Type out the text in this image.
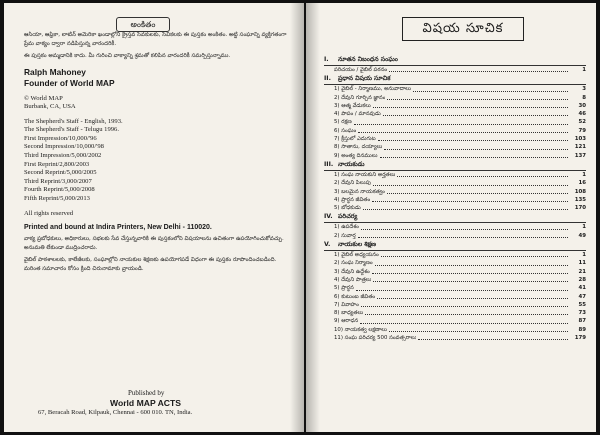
అంకితం

ఆసియా, ఆఫ్రికా, లాటిన్ అమెరికా ఖండాల్లోని క్రైస్తవ సేవకులకు, సేవికలకు ఈ పుస్తకం అంకితం. అట్టి సంఘాన్ని వ్యక్తిగతంగా ప్రేమ వాక్యం ద్వారా నడిపిస్తున్న వారందరికీ.

ఈ పుస్తకం అమ్మడానికి కాదు. మీ గురించి వాక్యాన్ని శ్రమతో కలిపిన వారందరికీ సమర్పిస్తున్నాము.

Ralph Mahoney
Founder of World MAP
© World MAP
Burbank, CA, USA
The Shepherd's Staff - English, 1993.
The Shepherd's Staff - Telugu 1996.
First Impression/10,000/'96
Second Impression/10,000/'98
Third Impression/5,000/2002
First Reprint/2,800/2003
Second Reprint/5,000/2005
Third Reprint/3,000/2007
Fourth Reprint/5,000/2008
Fifth Reprint/5,000/2013
All rights reserved
Printed and bound at Indira Printers, New Delhi - 110020.

వాక్య ప్రబోధకులు, అధికారులు, సభలకు సేవ చేస్తున్నవారికి ఈ పుస్తకంలోని విషయాలను ఉచితంగా ఉపయోగించుకోవచ్చు. అనుమతి లేకుండా ముద్రించరాదు.

వైబిల్ పాఠశాలలకు, కాలేజీలకు, సంఘాల్లోని నాయకుల శిక్షణకు ఉపయోగపడే విధంగా ఈ పుస్తకం రూపొందించబడింది. మరింత సమాచారం కోసం క్రింది చిరునామాకు వ్రాయండి.

Published by
World MAP ACTS
67, Beracah Road, Kilpauk, Chennai - 600 010. TN, India.
విషయ సూచిక
I.	నూతన నిబంధన సంఘం
పరిచయం / వైబిల్ పఠనం	1
II.	ప్రధాన విషయ సూచిక
1) వైబిల్ - నిర్మాణము, అనువాదాలు	3
2) దేవుని గూర్చిన జ్ఞానం	8
3) ఆత్మ వేడుకలు	30
4) పాపం / మానవుడు	46
5) రక్షణ	52
6) సంఘం	79
7) క్రీస్తులో ఎదుగుట	103
8) సాతాను, దయ్యాలు	121
9) అంత్య దినములు	137
III. నాయకుడు
1) సంఘ నాయకుని అర్హతలు	1
2) దేవుని పిలుపు	16
3) బలమైన నాయకత్వం	108
4) ప్రార్థన జీవితం	135
5) బోధకుడు	170
IV. పరిచర్య
1) ఉపదేశం	1
2) సువార్త	49
V.	నాయకుల శిక్షణ
1) వైబిల్ అధ్యయనం	1
2) సంఘ నిర్మాణం	11
3) దేవుని ఉద్దేశం	21
4) దేవుని పాత్రలు	28
5) ప్రార్థన	41
6) కుటుంబ జీవితం	47
7) వివాహం	55
8) బాధ్యతలు	73
9) ఆరాధన	87
10) నాయకత్వ లక్షణాలు	89
11) సంఘ పరిచర్య 500 సంవత్సరాలు	179
